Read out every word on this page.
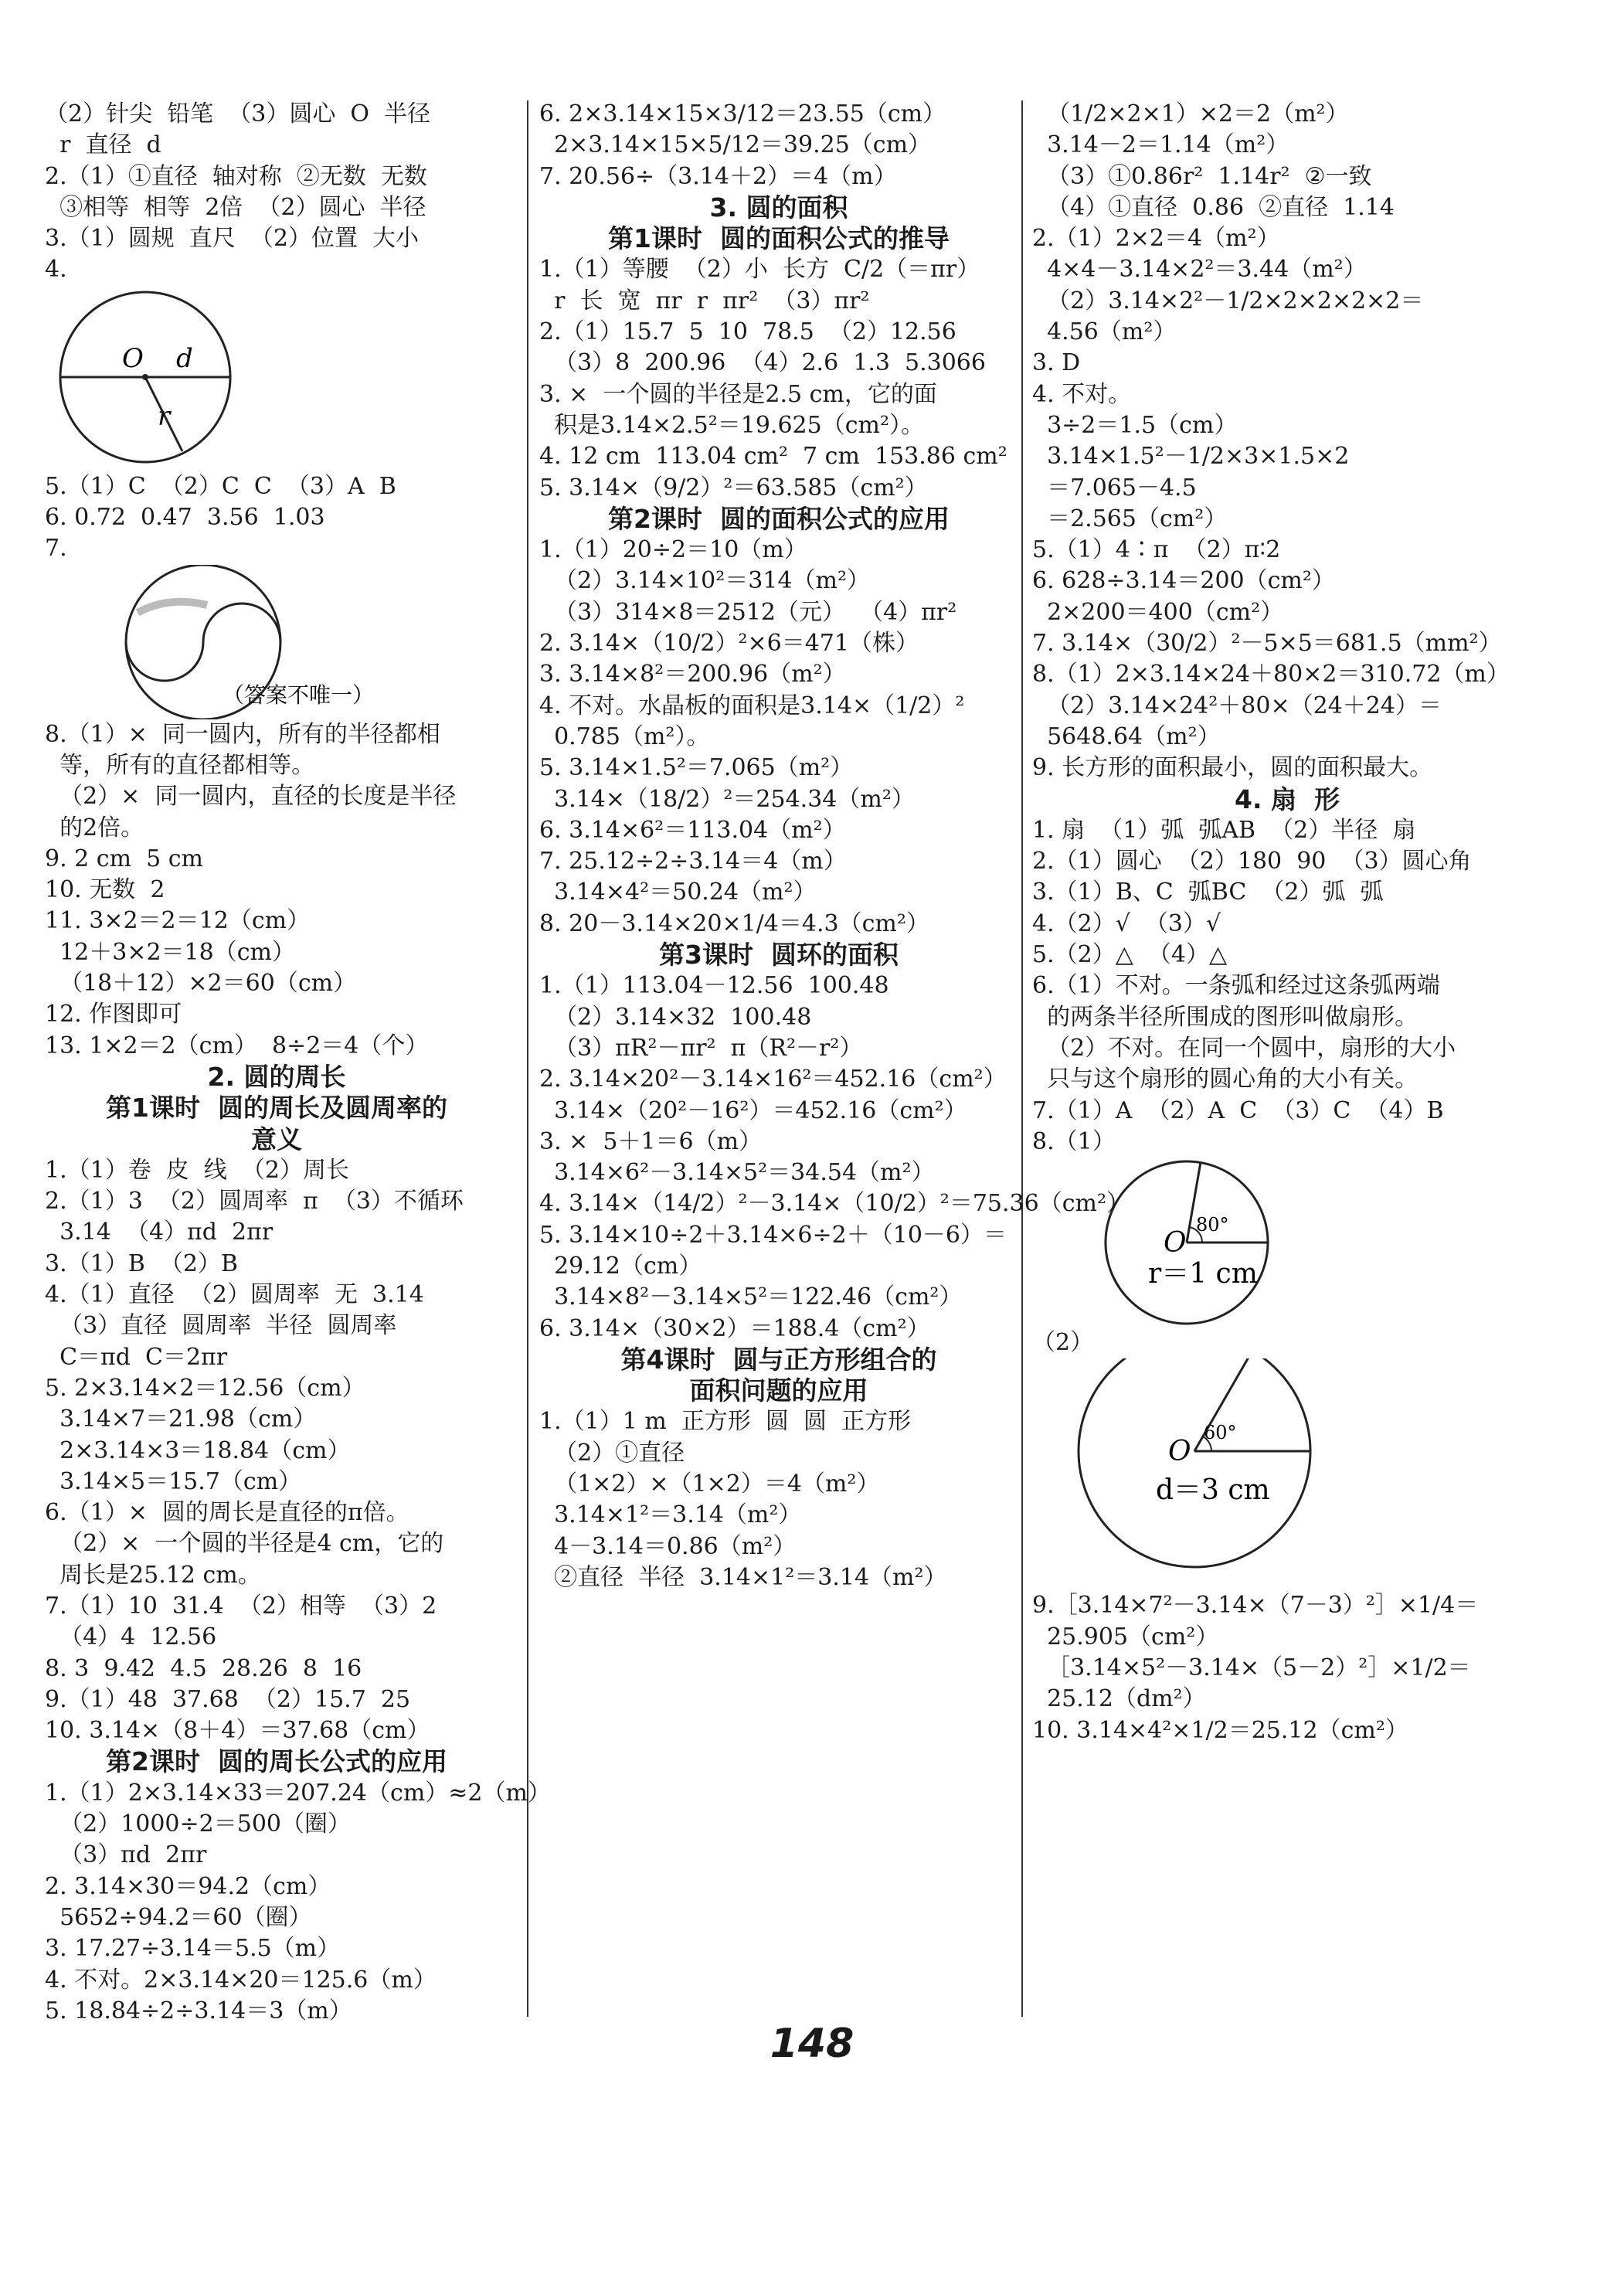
（2）针尖  铅笔  （3）圆心  O  半径
r  直径  d
2.（1）①直径  轴对称  ②无数  无数
③相等  相等  2倍  （2）圆心  半径
3.（1）圆规  直尺  （2）位置  大小
4.
O d
r
5.（1）C  （2）C  C  （3）A  B
6. 0.72  0.47  3.56  1.03
7.
（答案不唯一）
8.（1）×  同一圆内，所有的半径都相
等，所有的直径都相等。
（2）×  同一圆内，直径的长度是半径
的2倍。
9. 2 cm  5 cm
10. 无数  2
11. 3×2＝2＝12（cm）
12＋3×2＝18（cm）
（18＋12）×2＝60（cm）
12. 作图即可
13. 1×2＝2（cm）  8÷2＝4（个）
2. 圆的周长
第1课时  圆的周长及圆周率的
意义
1.（1）卷  皮  线  （2）周长
2.（1）3  （2）圆周率  π  （3）不循环
3.14  （4）πd  2πr
3.（1）B  （2）B
4.（1）直径  （2）圆周率  无  3.14
（3）直径  圆周率  半径  圆周率
C＝πd  C＝2πr
5. 2×3.14×2＝12.56（cm）
3.14×7＝21.98（cm）
2×3.14×3＝18.84（cm）
3.14×5＝15.7（cm）
6.（1）×  圆的周长是直径的π倍。
（2）×  一个圆的半径是4 cm，它的
周长是25.12 cm。
7.（1）10  31.4  （2）相等  （3）2
（4）4  12.56
8. 3  9.42  4.5  28.26  8  16
9.（1）48  37.68  （2）15.7  25
10. 3.14×（8＋4）＝37.68（cm）
第2课时  圆的周长公式的应用
1.（1）2×3.14×33＝207.24（cm）≈2（m）
（2）1000÷2＝500（圈）
（3）πd  2πr
2. 3.14×30＝94.2（cm）
5652÷94.2＝60（圈）
3. 17.27÷3.14＝5.5（m）
4. 不对。2×3.14×20＝125.6（m）
5. 18.84÷2÷3.14＝3（m）
6. 2×3.14×15×3/12＝23.55（cm）
2×3.14×15×5/12＝39.25（cm）
7. 20.56÷（3.14＋2）＝4（m）
3. 圆的面积
第1课时  圆的面积公式的推导
1.（1）等腰  （2）小  长方  C/2（＝πr）
r  长  宽  πr  r  πr²  （3）πr²
2.（1）15.7  5  10  78.5  （2）12.56
（3）8  200.96  （4）2.6  1.3  5.3066
3. ×  一个圆的半径是2.5 cm，它的面
积是3.14×2.5²＝19.625（cm²）。
4. 12 cm  113.04 cm²  7 cm  153.86 cm²
5. 3.14×（9/2）²＝63.585（cm²）
第2课时  圆的面积公式的应用
1.（1）20÷2＝10（m）
（2）3.14×10²＝314（m²）
（3）314×8＝2512（元）  （4）πr²
2. 3.14×（10/2）²×6＝471（株）
3. 3.14×8²＝200.96（m²）
4. 不对。水晶板的面积是3.14×（1/2）²
0.785（m²）。
5. 3.14×1.5²＝7.065（m²）
3.14×（18/2）²＝254.34（m²）
6. 3.14×6²＝113.04（m²）
7. 25.12÷2÷3.14＝4（m）
3.14×4²＝50.24（m²）
8. 20－3.14×20×1/4＝4.3（cm²）
第3课时  圆环的面积
1.（1）113.04－12.56  100.48
（2）3.14×32  100.48
（3）πR²－πr²  π（R²－r²）
2. 3.14×20²－3.14×16²＝452.16（cm²）
3.14×（20²－16²）＝452.16（cm²）
3. ×  5＋1＝6（m）
3.14×6²－3.14×5²＝34.54（m²）
4. 3.14×（14/2）²－3.14×（10/2）²＝75.36（cm²）
5. 3.14×10÷2＋3.14×6÷2＋（10－6）＝
29.12（cm）
3.14×8²－3.14×5²＝122.46（cm²）
6. 3.14×（30×2）＝188.4（cm²）
第4课时  圆与正方形组合的
面积问题的应用
1.（1）1 m  正方形  圆  圆  正方形
（2）①直径
（1×2）×（1×2）＝4（m²）
3.14×1²＝3.14（m²）
4－3.14＝0.86（m²）
②直径  半径  3.14×1²＝3.14（m²）
（1/2×2×1）×2＝2（m²）
3.14－2＝1.14（m²）
（3）①0.86r²  1.14r²  ②一致
（4）①直径  0.86  ②直径  1.14
2.（1）2×2＝4（m²）
4×4－3.14×2²＝3.44（m²）
（2）3.14×2²－1/2×2×2×2×2＝
4.56（m²）
3. D
4. 不对。
3÷2＝1.5（cm）
3.14×1.5²－1/2×3×1.5×2
＝7.065－4.5
＝2.565（cm²）
5.（1）4∶π  （2）π∶2
6. 628÷3.14＝200（cm²）
2×200＝400（cm²）
7. 3.14×（30/2）²－5×5＝681.5（mm²）
8.（1）2×3.14×24＋80×2＝310.72（m）
（2）3.14×24²＋80×（24＋24）＝
5648.64（m²）
9. 长方形的面积最小，圆的面积最大。
4. 扇  形
1. 扇  （1）弧  弧AB  （2）半径  扇
2.（1）圆心  （2）180  90  （3）圆心角
3.（1）B、C  弧BC  （2）弧  弧
4.（2）√  （3）√
5.（2）△  （4）△
6.（1）不对。一条弧和经过这条弧两端
的两条半径所围成的图形叫做扇形。
（2）不对。在同一个圆中，扇形的大小
只与这个扇形的圆心角的大小有关。
7.（1）A  （2）A  C  （3）C  （4）B
8.（1）
O
80°
r＝1 cm
（2）
O
60°
d＝3 cm
9.［3.14×7²－3.14×（7－3）²］×1/4＝
25.905（cm²）
［3.14×5²－3.14×（5－2）²］×1/2＝
25.12（dm²）
10. 3.14×4²×1/2＝25.12（cm²）
148
